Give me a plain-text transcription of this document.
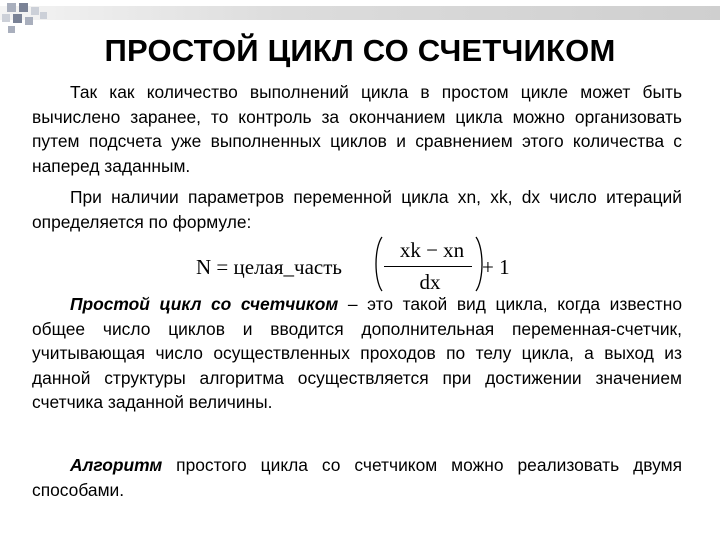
ПРОСТОЙ ЦИКЛ СО СЧЕТЧИКОМ

Так как количество выполнений цикла в простом цикле может быть вычислено заранее, то контроль за окончанием цикла можно организовать путем подсчета уже выполненных циклов и сравнением этого количества с наперед заданным.

При наличии параметров переменной цикла xn, xk, dx число итераций определяется по формуле:

N = целая_часть
xk − xn
dx
+ 1

Простой цикл со счетчиком – это такой вид цикла, когда известно общее число циклов и вводится дополнительная переменная-счетчик, учитывающая число осуществленных проходов по телу цикла, а выход из данной структуры алгоритма осуществляется при достижении значением счетчика заданной величины.

Алгоритм простого цикла со счетчиком можно реализовать двумя способами.
